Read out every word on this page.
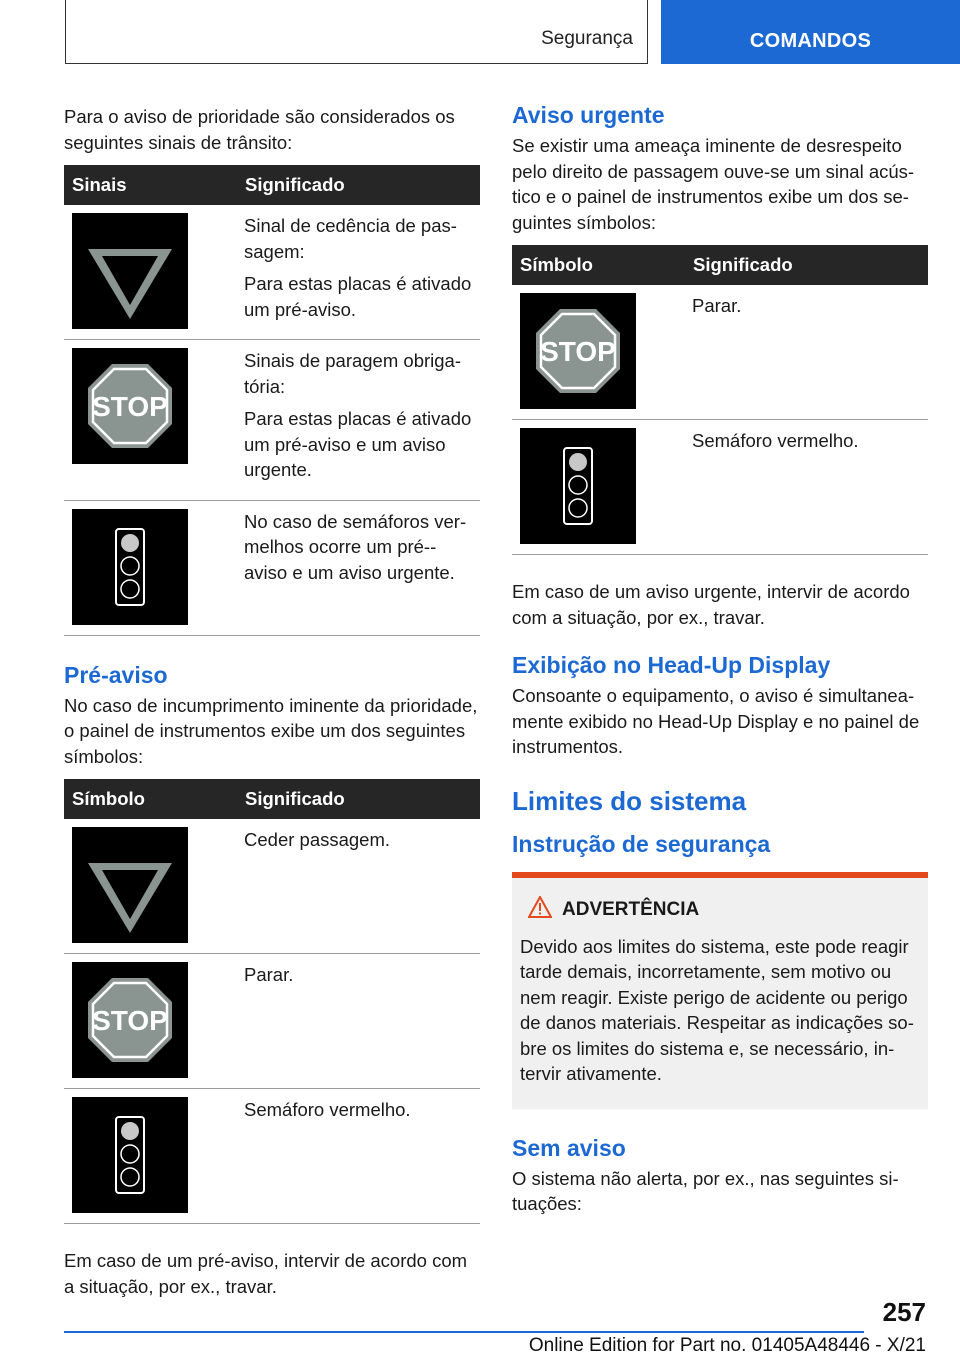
Segurança	COMANDOS

Para o aviso de prioridade são considerados os seguintes sinais de trânsito:

Sinais	Significado

Sinal de cedência de passagem:

Para estas placas é ativado um pré-aviso.

STOP	Sinais de paragem obrigatória:

Para estas placas é ativado um pré-aviso e um aviso urgente.

No caso de semáforos vermelhos ocorre um pré--aviso e um aviso urgente.

Pré-aviso

No caso de incumprimento iminente da prioridade, o painel de instrumentos exibe um dos seguintes símbolos:

Símbolo	Significado

Ceder passagem.

STOP	Parar.

Semáforo vermelho.

Em caso de um pré-aviso, intervir de acordo com a situação, por ex., travar.

Aviso urgente

Se existir uma ameaça iminente de desrespeito pelo direito de passagem ouve-se um sinal acústico e o painel de instrumentos exibe um dos seguintes símbolos:

Símbolo	Significado

STOP	Parar.

Semáforo vermelho.

Em caso de um aviso urgente, intervir de acordo com a situação, por ex., travar.

Exibição no Head-Up Display

Consoante o equipamento, o aviso é simultaneamente exibido no Head-Up Display e no painel de instrumentos.

Limites do sistema
Instrução de segurança
ADVERTÊNCIA

Devido aos limites do sistema, este pode reagir tarde demais, incorretamente, sem motivo ou nem reagir. Existe perigo de acidente ou perigo de danos materiais. Respeitar as indicações sobre os limites do sistema e, se necessário, intervir ativamente.

Sem aviso

O sistema não alerta, por ex., nas seguintes situações:

257
Online Edition for Part no. 01405A48446 - X/21
